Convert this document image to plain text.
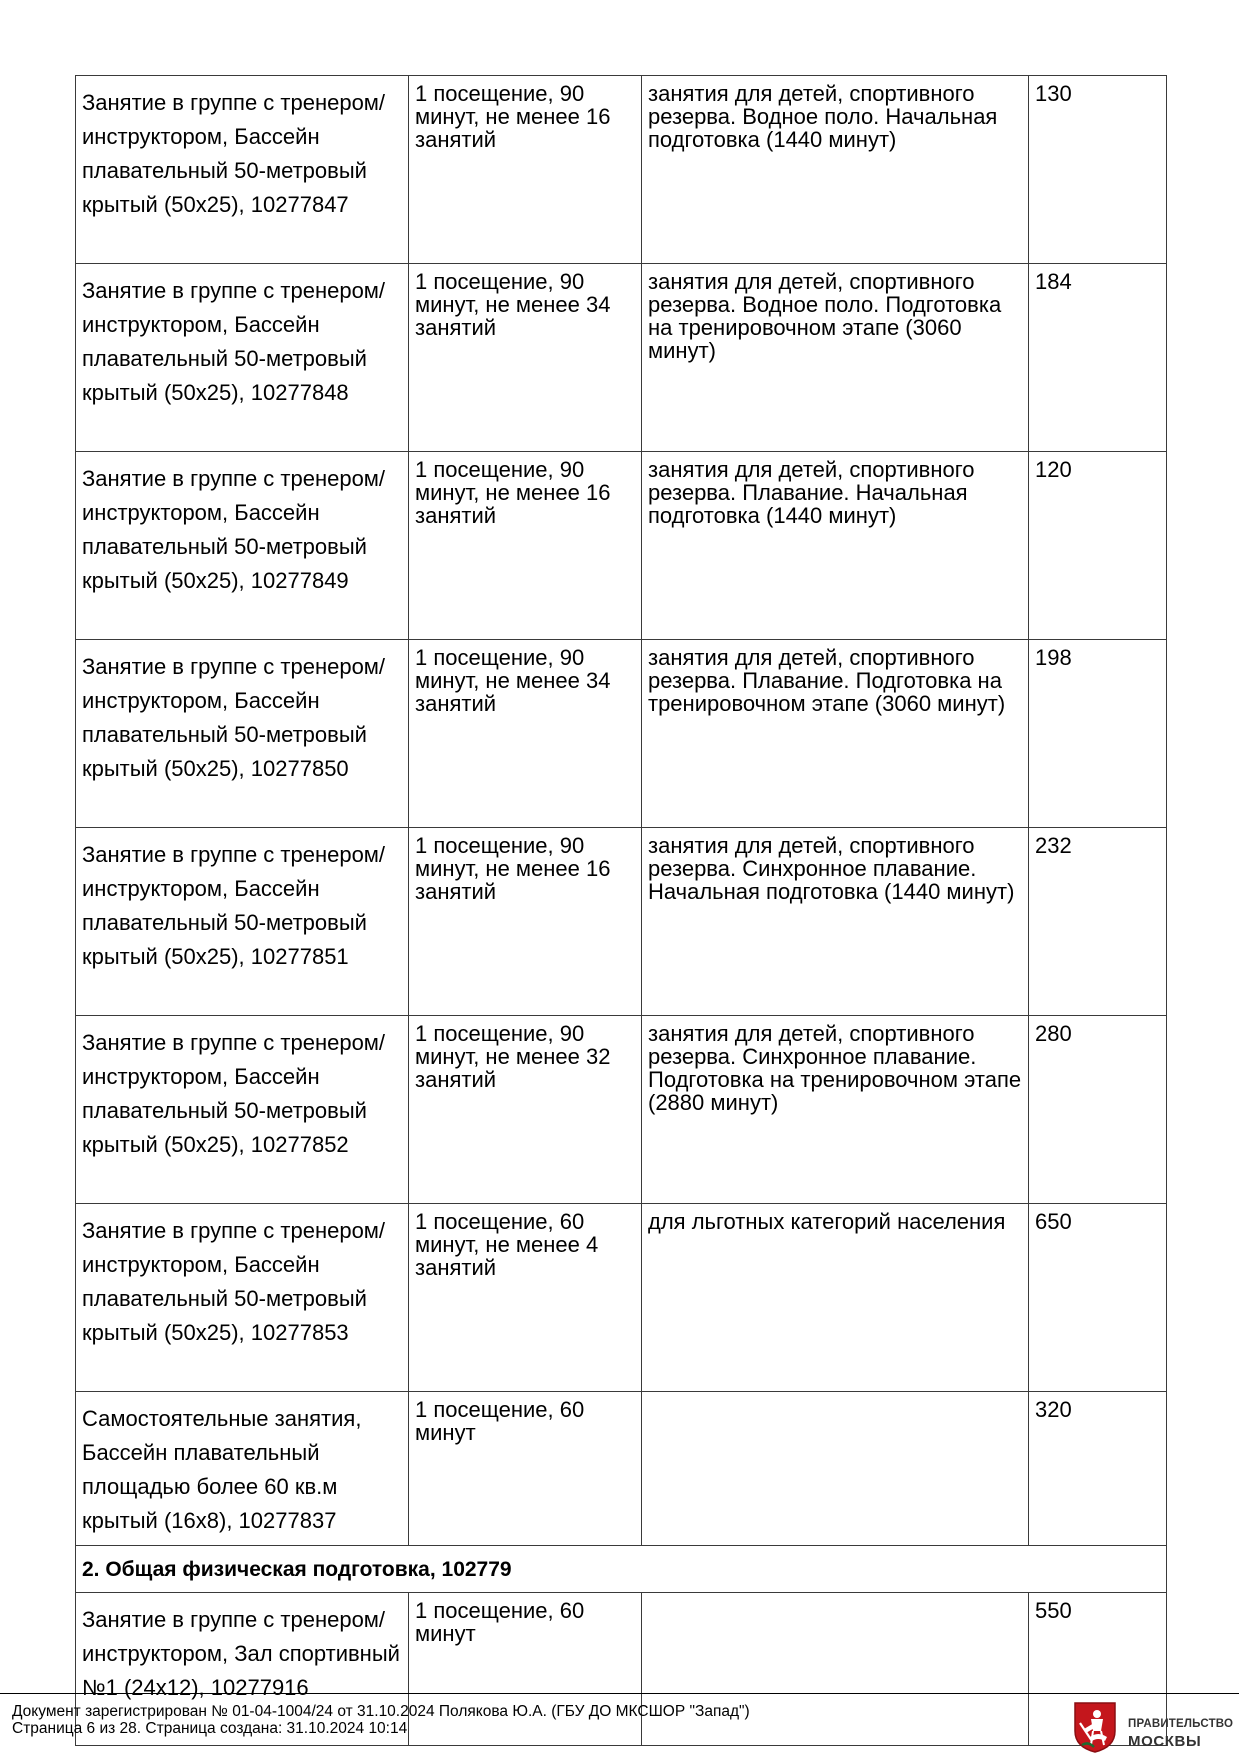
Занятие в группе с тренером/инструктором, Бассейн плавательный 50-метровый крытый (50х25), 10277847	1 посещение, 90 минут, не менее 16 занятий	занятия для детей, спортивного резерва. Водное поло. Начальная подготовка (1440 минут)	130
Занятие в группе с тренером/инструктором, Бассейн плавательный 50-метровый крытый (50х25), 10277848	1 посещение, 90 минут, не менее 34 занятий	занятия для детей, спортивного резерва. Водное поло. Подготовка на тренировочном этапе (3060 минут)	184
Занятие в группе с тренером/инструктором, Бассейн плавательный 50-метровый крытый (50х25), 10277849	1 посещение, 90 минут, не менее 16 занятий	занятия для детей, спортивного резерва. Плавание. Начальная подготовка (1440 минут)	120
Занятие в группе с тренером/инструктором, Бассейн плавательный 50-метровый крытый (50х25), 10277850	1 посещение, 90 минут, не менее 34 занятий	занятия для детей, спортивного резерва. Плавание. Подготовка на тренировочном этапе (3060 минут)	198
Занятие в группе с тренером/инструктором, Бассейн плавательный 50-метровый крытый (50х25), 10277851	1 посещение, 90 минут, не менее 16 занятий	занятия для детей, спортивного резерва. Синхронное плавание. Начальная подготовка (1440 минут)	232
Занятие в группе с тренером/инструктором, Бассейн плавательный 50-метровый крытый (50х25), 10277852	1 посещение, 90 минут, не менее 32 занятий	занятия для детей, спортивного резерва. Синхронное плавание. Подготовка на тренировочном этапе (2880 минут)	280
Занятие в группе с тренером/инструктором, Бассейн плавательный 50-метровый крытый (50х25), 10277853	1 посещение, 60 минут, не менее 4 занятий	для льготных категорий населения	650
Самостоятельные занятия, Бассейн плавательный площадью более 60 кв.м крытый (16х8), 10277837	1 посещение, 60 минут		320
2. Общая физическая подготовка, 102779			
Занятие в группе с тренером/инструктором, Зал спортивный №1 (24х12), 10277916	1 посещение, 60 минут		550
Документ зарегистрирован № 01-04-1004/24 от 31.10.2024 Полякова Ю.А. (ГБУ ДО МКСШОР "Запад")
Страница 6 из 28. Страница создана: 31.10.2024 10:14	ПРАВИТЕЛЬСТВО
МОСКВЫ
